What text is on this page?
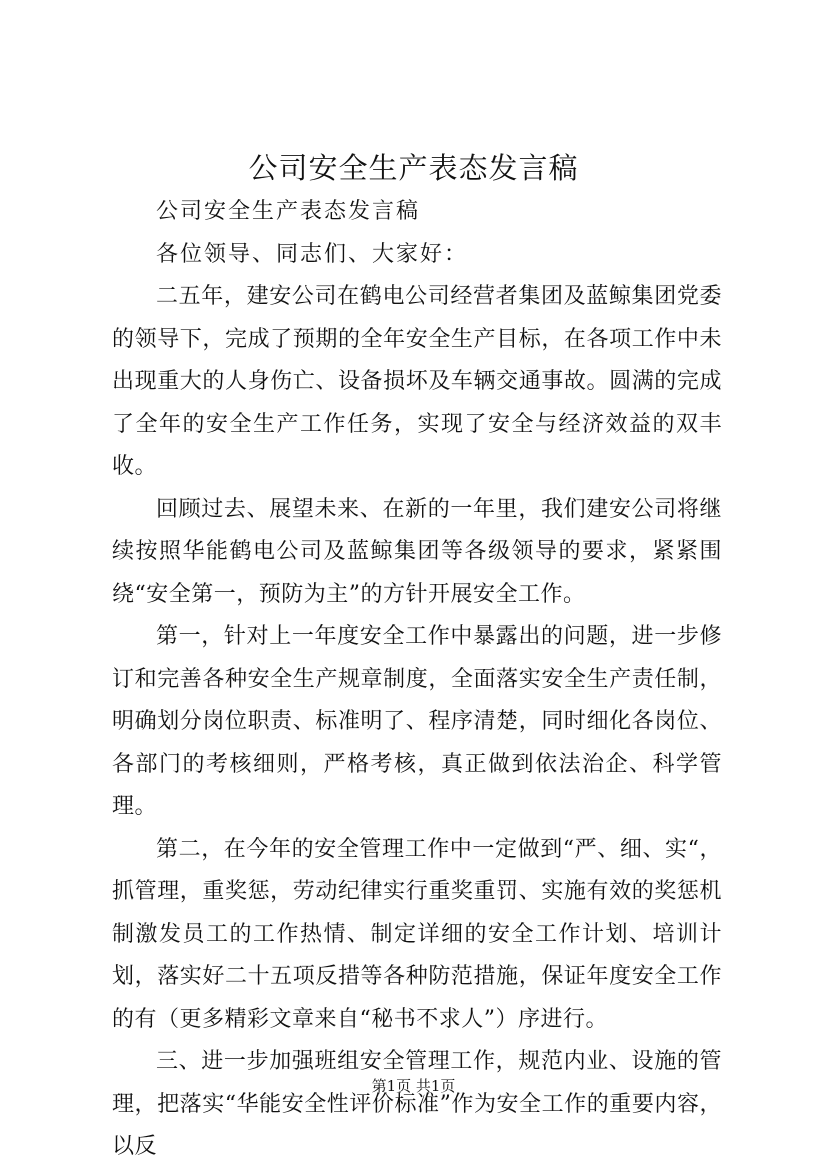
公司安全生产表态发言稿

公司安全生产表态发言稿

各位领导、同志们、大家好：

二五年，建安公司在鹤电公司经营者集团及蓝鲸集团党委的领导下，完成了预期的全年安全生产目标，在各项工作中未出现重大的人身伤亡、设备损坏及车辆交通事故。圆满的完成了全年的安全生产工作任务，实现了安全与经济效益的双丰收。

回顾过去、展望未来、在新的一年里，我们建安公司将继续按照华能鹤电公司及蓝鲸集团等各级领导的要求，紧紧围绕“安全第一，预防为主”的方针开展安全工作。

第一，针对上一年度安全工作中暴露出的问题，进一步修订和完善各种安全生产规章制度，全面落实安全生产责任制，明确划分岗位职责、标准明了、程序清楚，同时细化各岗位、各部门的考核细则，严格考核，真正做到依法治企、科学管理。

第二，在今年的安全管理工作中一定做到“严、细、实“，抓管理，重奖惩，劳动纪律实行重奖重罚、实施有效的奖惩机制激发员工的工作热情、制定详细的安全工作计划、培训计划，落实好二十五项反措等各种防范措施，保证年度安全工作的有（更多精彩文章来自“秘书不求人”）序进行。

三、进一步加强班组安全管理工作，规范内业、设施的管理，把落实“华能安全性评价标准”作为安全工作的重要内容，以反

第1页 共1页
